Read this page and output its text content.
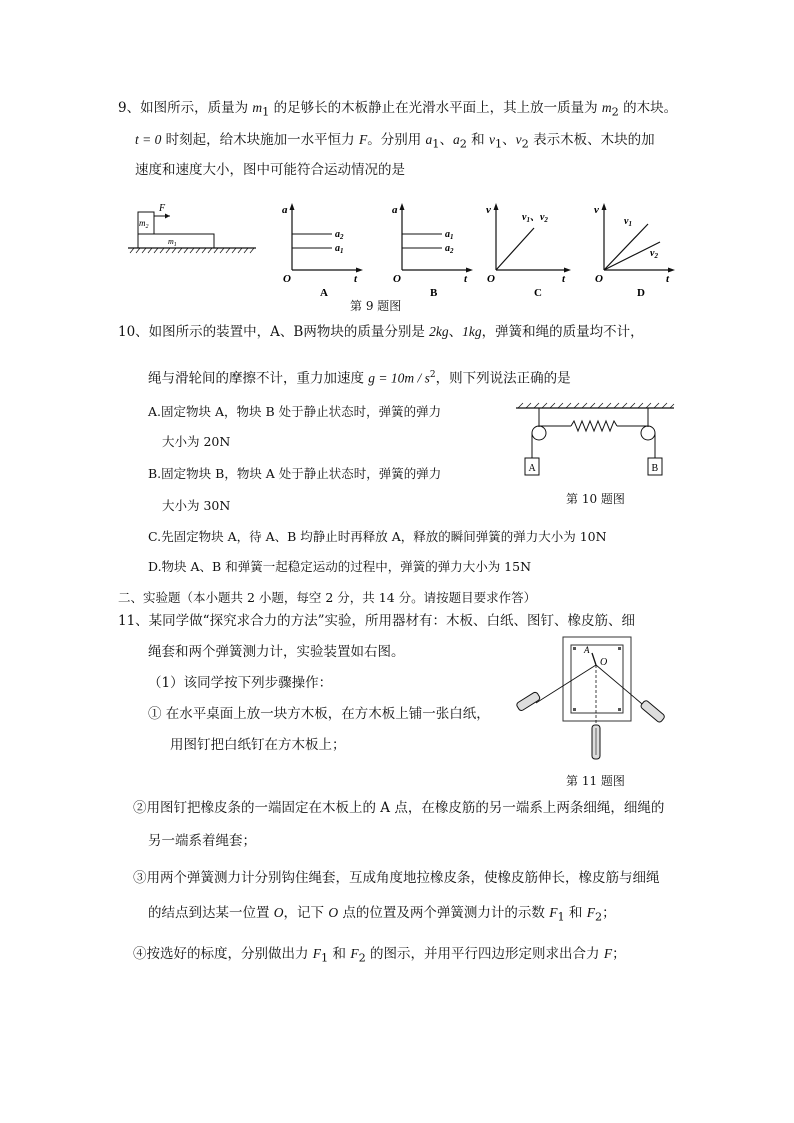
9、如图所示，质量为 $m_1$ 的足够长的木板静止在光滑水平面上，其上放一质量为 $m_2$ 的木块。
t = 0 时刻起，给木块施加一水平恒力 F。分别用 $a_1$、$a_2$ 和 $v_1$、$v_2$ 表示木板、木块的加
速度和速度大小，图中可能符合运动情况的是
$m_2$
F
$m_1$
a
t
O
$a_2$
$a_1$
A
a
t
O
$a_1$
$a_2$
B
v
t
O
$v_1$、$v_2$
C
v
t
O
$v_1$
$v_2$
D
第 9 题图
10、如图所示的装置中，A、B两物块的质量分别是 2kg、1kg，弹簧和绳的质量均不计，
绳与滑轮间的摩擦不计，重力加速度 $g = 10m / s^2$，则下列说法正确的是
A.固定物块 A，物块 B 处于静止状态时，弹簧的弹力
大小为 20N
B.固定物块 B，物块 A 处于静止状态时，弹簧的弹力
大小为 30N
C.先固定物块 A，待 A、B 均静止时再释放 A，释放的瞬间弹簧的弹力大小为 10N
D.物块 A、B 和弹簧一起稳定运动的过程中，弹簧的弹力大小为 15N
A	B
第 10 题图
二、实验题（本小题共 2 小题，每空 2 分，共 14 分。请按题目要求作答）
11、某同学做“探究求合力的方法”实验，所用器材有：木板、白纸、图钉、橡皮筋、细
绳套和两个弹簧测力计，实验装置如右图。
（1）该同学按下列步骤操作：
① 在水平桌面上放一块方木板，在方木板上铺一张白纸，
用图钉把白纸钉在方木板上；
A
O
第 11 题图
②用图钉把橡皮条的一端固定在木板上的 A 点，在橡皮筋的另一端系上两条细绳，细绳的
另一端系着绳套；
③用两个弹簧测力计分别钩住绳套，互成角度地拉橡皮条，使橡皮筋伸长，橡皮筋与细绳
的结点到达某一位置 O，记下 O 点的位置及两个弹簧测力计的示数 $F_1$ 和 $F_2$；
④按选好的标度，分别做出力 $F_1$ 和 $F_2$ 的图示，并用平行四边形定则求出合力 F；
